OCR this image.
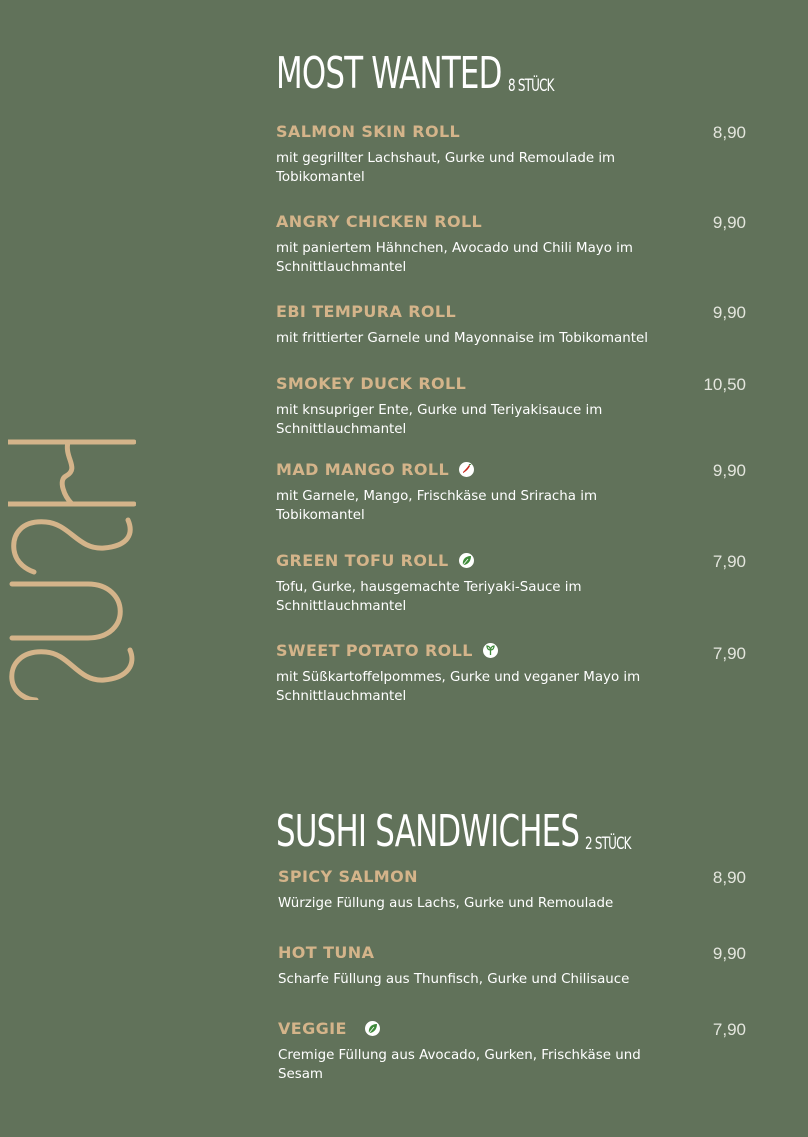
MOST WANTED 8 STÜCK
SALMON SKIN ROLL	8,90
mit gegrillter Lachshaut, Gurke und Remoulade im Tobikomantel
ANGRY CHICKEN ROLL	9,90
mit paniertem Hähnchen, Avocado und Chili Mayo im Schnittlauchmantel
EBI TEMPURA ROLL	9,90
mit frittierter Garnele und Mayonnaise im Tobikomantel
SMOKEY DUCK ROLL	10,50
mit knsupriger Ente, Gurke und Teriyakisauce im Schnittlauchmantel
MAD MANGO ROLL	9,90
mit Garnele, Mango, Frischkäse und Sriracha im Tobikomantel
GREEN TOFU ROLL	7,90
Tofu, Gurke, hausgemachte Teriyaki-Sauce im Schnittlauchmantel
SWEET POTATO ROLL	7,90
mit Süßkartoffelpommes, Gurke und veganer Mayo im Schnittlauchmantel
SUSHI SANDWICHES 2 STÜCK
SPICY SALMON	8,90
Würzige Füllung aus Lachs, Gurke und Remoulade
HOT TUNA	9,90
Scharfe Füllung aus Thunfisch, Gurke und Chilisauce
VEGGIE	7,90
Cremige Füllung aus Avocado, Gurken, Frischkäse und Sesam
